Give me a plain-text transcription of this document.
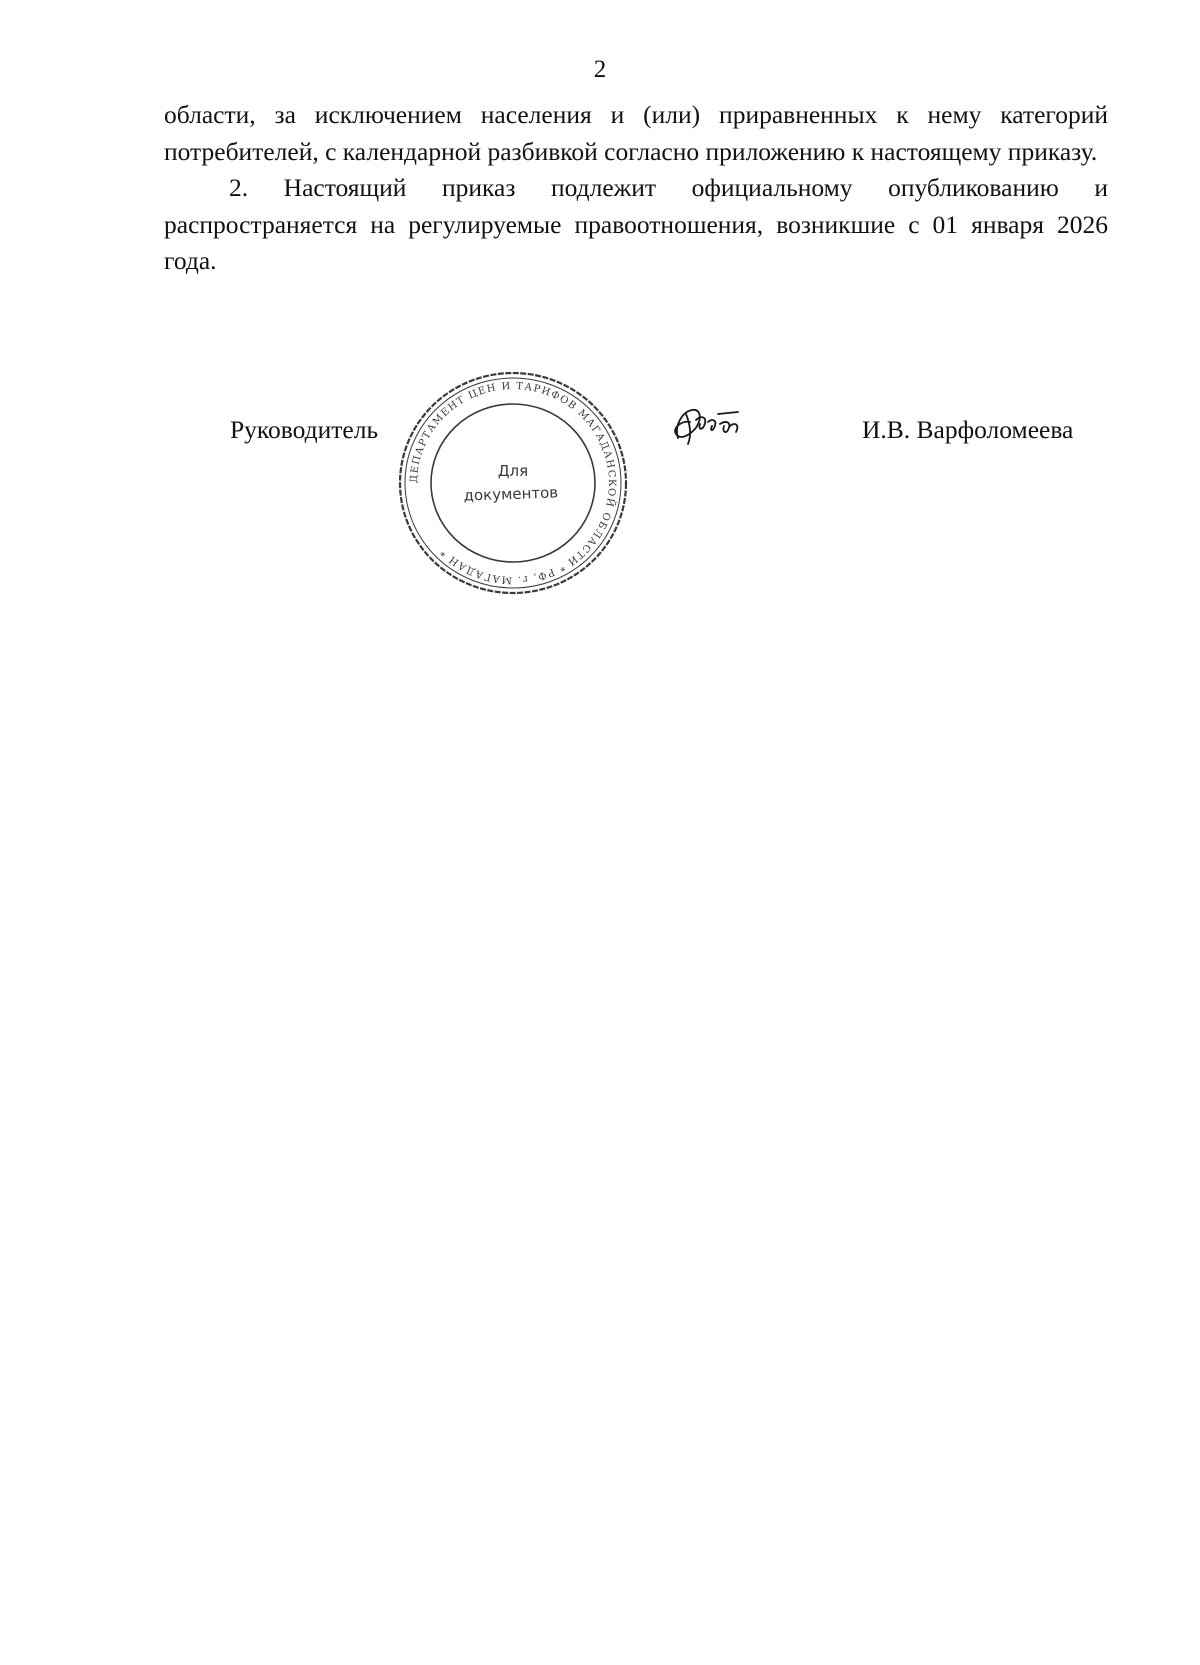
2

области, за исключением населения и (или) приравненных к нему категорий потребителей, с календарной разбивкой согласно приложению к настоящему приказу.

2. Настоящий приказ подлежит официальному опубликованию и распространяется на регулируемые правоотношения, возникшие с 01 января 2026 года.

Руководитель
ДЕПАРТАМЕНТ ЦЕН И ТАРИФОВ МАГАДАНСКОЙ ОБЛАСТИ * РФ, г. МАГАДАН *
Для
документов
И.В. Варфоломеева
